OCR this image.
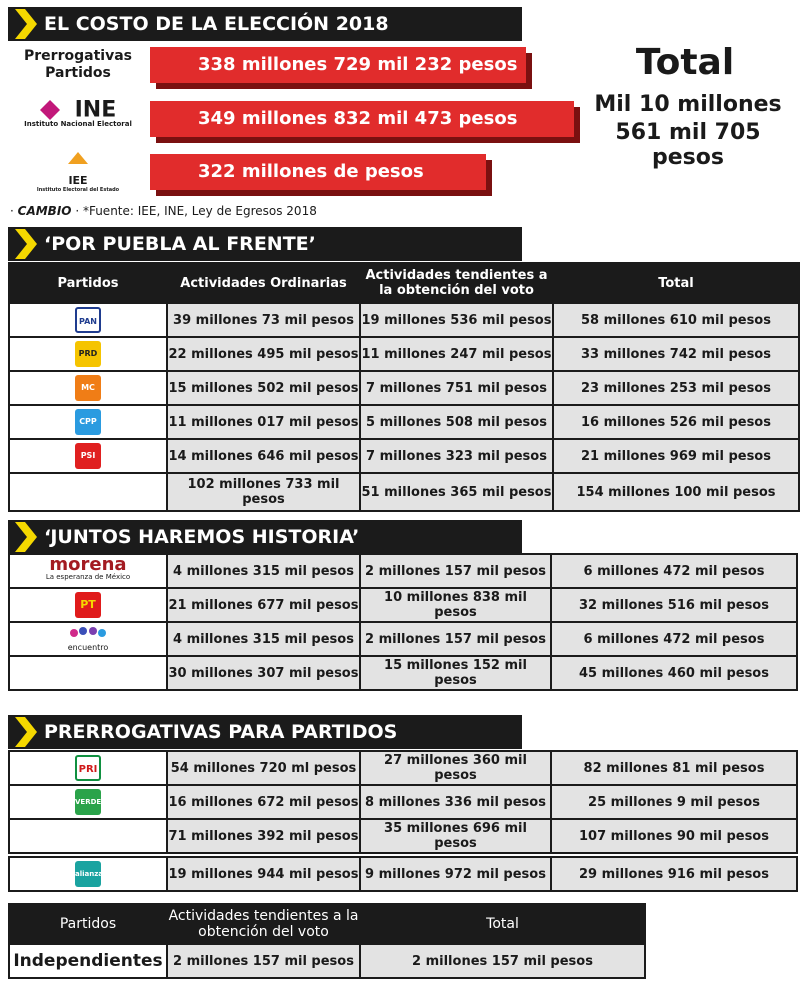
EL COSTO DE LA ELECCIÓN 2018
Prerrogativas Partidos	338 millones 729 mil 232 pesos
INE
Instituto Nacional Electoral	349 millones 832 mil 473 pesos
IEE
Instituto Electoral del Estado
322 millones de pesos
Total
Mil 10 millones
561 mil 705 pesos
· CAMBIO · *Fuente: IEE, INE, Ley de Egresos 2018
‘POR PUEBLA AL FRENTE’
Partidos	Actividades Ordinarias	Actividades tendientes a la obtención del voto	Total
PAN	39 millones 73 mil pesos	19 millones 536 mil pesos	58 millones 610 mil pesos
PRD	22 millones 495 mil pesos	11 millones 247 mil pesos	33 millones 742 mil pesos
MC	15 millones 502 mil pesos	7 millones 751 mil pesos	23 millones 253 mil pesos
CPP	11 millones 017 mil pesos	5 millones 508 mil pesos	16 millones 526 mil pesos
PSI	14 millones 646 mil pesos	7 millones 323 mil pesos	21 millones 969 mil pesos
	102 millones 733 mil pesos	51 millones 365 mil pesos	154 millones 100 mil pesos
‘JUNTOS HAREMOS HISTORIA’
morena
La esperanza de México	4 millones 315 mil pesos	2 millones 157 mil pesos	6 millones 472 mil pesos
PT	21 millones 677 mil pesos	10 millones 838 mil pesos	32 millones 516 mil pesos

encuentro	4 millones 315 mil pesos	2 millones 157 mil pesos	6 millones 472 mil pesos
	30 millones 307 mil pesos	15 millones 152 mil pesos	45 millones 460 mil pesos
PRERROGATIVAS PARA PARTIDOS
PRI	54 millones 720 ml pesos	27 millones 360 mil pesos	82 millones 81 mil pesos
VERDE	16 millones 672 mil pesos	8 millones 336 mil pesos	25 millones 9 mil pesos
	71 millones 392 mil pesos	35 millones 696 mil pesos	107 millones 90 mil pesos
alianza	19 millones 944 mil pesos	9 millones 972 mil pesos	29 millones 916 mil pesos
Partidos	Actividades tendientes a la obtención del voto	Total
Independientes	2 millones 157 mil pesos	2 millones 157 mil pesos
